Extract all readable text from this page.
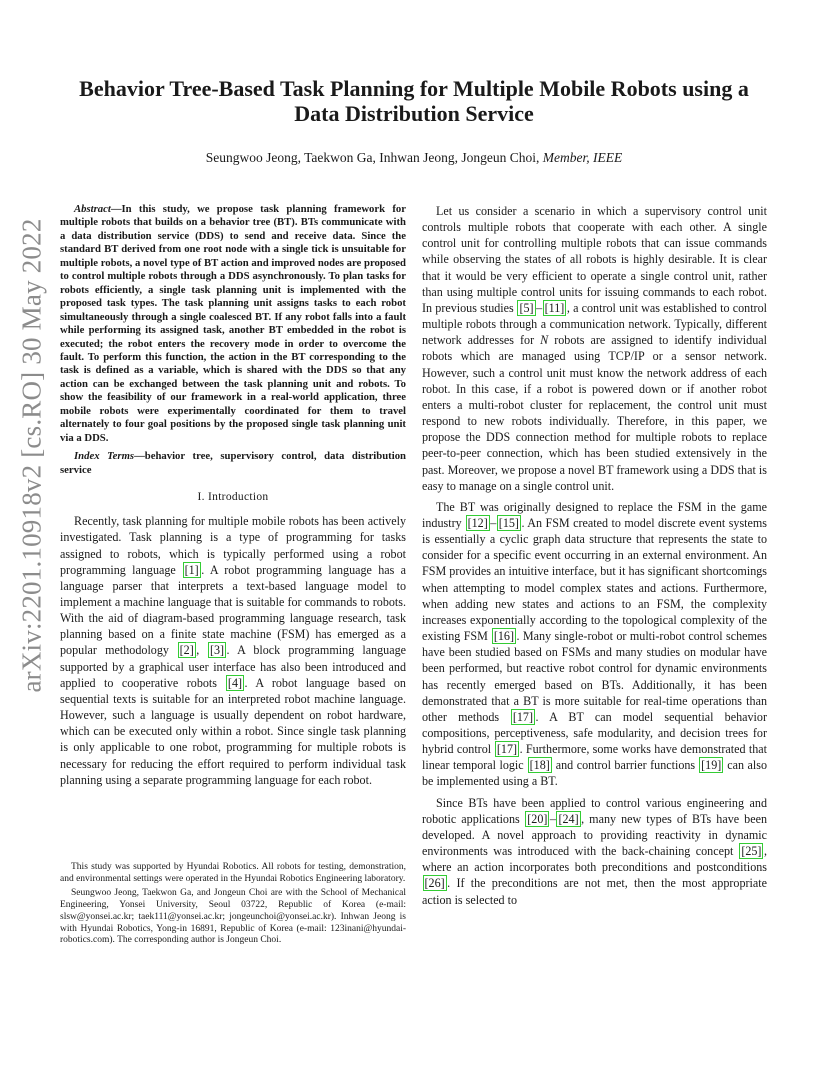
arXiv:2201.10918v2 [cs.RO] 30 May 2022
Behavior Tree-Based Task Planning for Multiple Mobile Robots using a Data Distribution Service

Seungwoo Jeong, Taekwon Ga, Inhwan Jeong, Jongeun Choi, Member, IEEE

Abstract—In this study, we propose task planning framework for multiple robots that builds on a behavior tree (BT). BTs communicate with a data distribution service (DDS) to send and receive data. Since the standard BT derived from one root node with a single tick is unsuitable for multiple robots, a novel type of BT action and improved nodes are proposed to control multiple robots through a DDS asynchronously. To plan tasks for robots efficiently, a single task planning unit is implemented with the proposed task types. The task planning unit assigns tasks to each robot simultaneously through a single coalesced BT. If any robot falls into a fault while performing its assigned task, another BT embedded in the robot is executed; the robot enters the recovery mode in order to overcome the fault. To perform this function, the action in the BT corresponding to the task is defined as a variable, which is shared with the DDS so that any action can be exchanged between the task planning unit and robots. To show the feasibility of our framework in a real-world application, three mobile robots were experimentally coordinated for them to travel alternately to four goal positions by the proposed single task planning unit via a DDS.

Index Terms—behavior tree, supervisory control, data distribution service

I. Introduction

Recently, task planning for multiple mobile robots has been actively investigated. Task planning is a type of programming for tasks assigned to robots, which is typically performed using a robot programming language [1] . A robot programming language has a language parser that interprets a text-based language model to implement a machine language that is suitable for commands to robots. With the aid of diagram-based programming language research, task planning based on a finite state machine (FSM) has emerged as a popular methodology [2] , [3] . A block programming language supported by a graphical user interface has also been introduced and applied to cooperative robots [4] . A robot language based on sequential texts is suitable for an interpreted robot machine language. However, such a language is usually dependent on robot hardware, which can be executed only within a robot. Since single task planning is only applicable to one robot, programming for multiple robots is necessary for reducing the effort required to perform individual task planning using a separate programming language for each robot.

This study was supported by Hyundai Robotics. All robots for testing, demonstration, and environmental settings were operated in the Hyundai Robotics Engineering laboratory.

Seungwoo Jeong, Taekwon Ga, and Jongeun Choi are with the School of Mechanical Engineering, Yonsei University, Seoul 03722, Republic of Korea (e-mail: slsw@yonsei.ac.kr; taek111@yonsei.ac.kr; jongeunchoi@yonsei.ac.kr). Inhwan Jeong is with Hyundai Robotics, Yong-in 16891, Republic of Korea (e-mail: 123inani@hyundai-robotics.com). The corresponding author is Jongeun Choi.

Let us consider a scenario in which a supervisory control unit controls multiple robots that cooperate with each other. A single control unit for controlling multiple robots that can issue commands while observing the states of all robots is highly desirable. It is clear that it would be very efficient to operate a single control unit, rather than using multiple control units for issuing commands to each robot. In previous studies [5] – [11] , a control unit was established to control multiple robots through a communication network. Typically, different network addresses for N robots are assigned to identify individual robots which are managed using TCP/IP or a sensor network. However, such a control unit must know the network address of each robot. In this case, if a robot is powered down or if another robot enters a multi-robot cluster for replacement, the control unit must respond to new robots individually. Therefore, in this paper, we propose the DDS connection method for multiple robots to replace peer-to-peer connection, which has been studied extensively in the past. Moreover, we propose a novel BT framework using a DDS that is easy to manage on a single control unit.

The BT was originally designed to replace the FSM in the game industry [12] – [15] . An FSM created to model discrete event systems is essentially a cyclic graph data structure that represents the state to consider for a specific event occurring in an external environment. An FSM provides an intuitive interface, but it has significant shortcomings when attempting to model complex states and actions. Furthermore, when adding new states and actions to an FSM, the complexity increases exponentially according to the topological complexity of the existing FSM [16] . Many single-robot or multi-robot control schemes have been studied based on FSMs and many studies on modular have been performed, but reactive robot control for dynamic environments has recently emerged based on BTs. Additionally, it has been demonstrated that a BT is more suitable for real-time operations than other methods [17] . A BT can model sequential behavior compositions, perceptiveness, safe modularity, and decision trees for hybrid control [17] . Furthermore, some works have demonstrated that linear temporal logic [18] and control barrier functions [19] can also be implemented using a BT.

Since BTs have been applied to control various engineering and robotic applications [20] – [24] , many new types of BTs have been developed. A novel approach to providing reactivity in dynamic environments was introduced with the back-chaining concept [25] , where an action incorporates both preconditions and postconditions [26] . If the preconditions are not met, then the most appropriate action is selected to
